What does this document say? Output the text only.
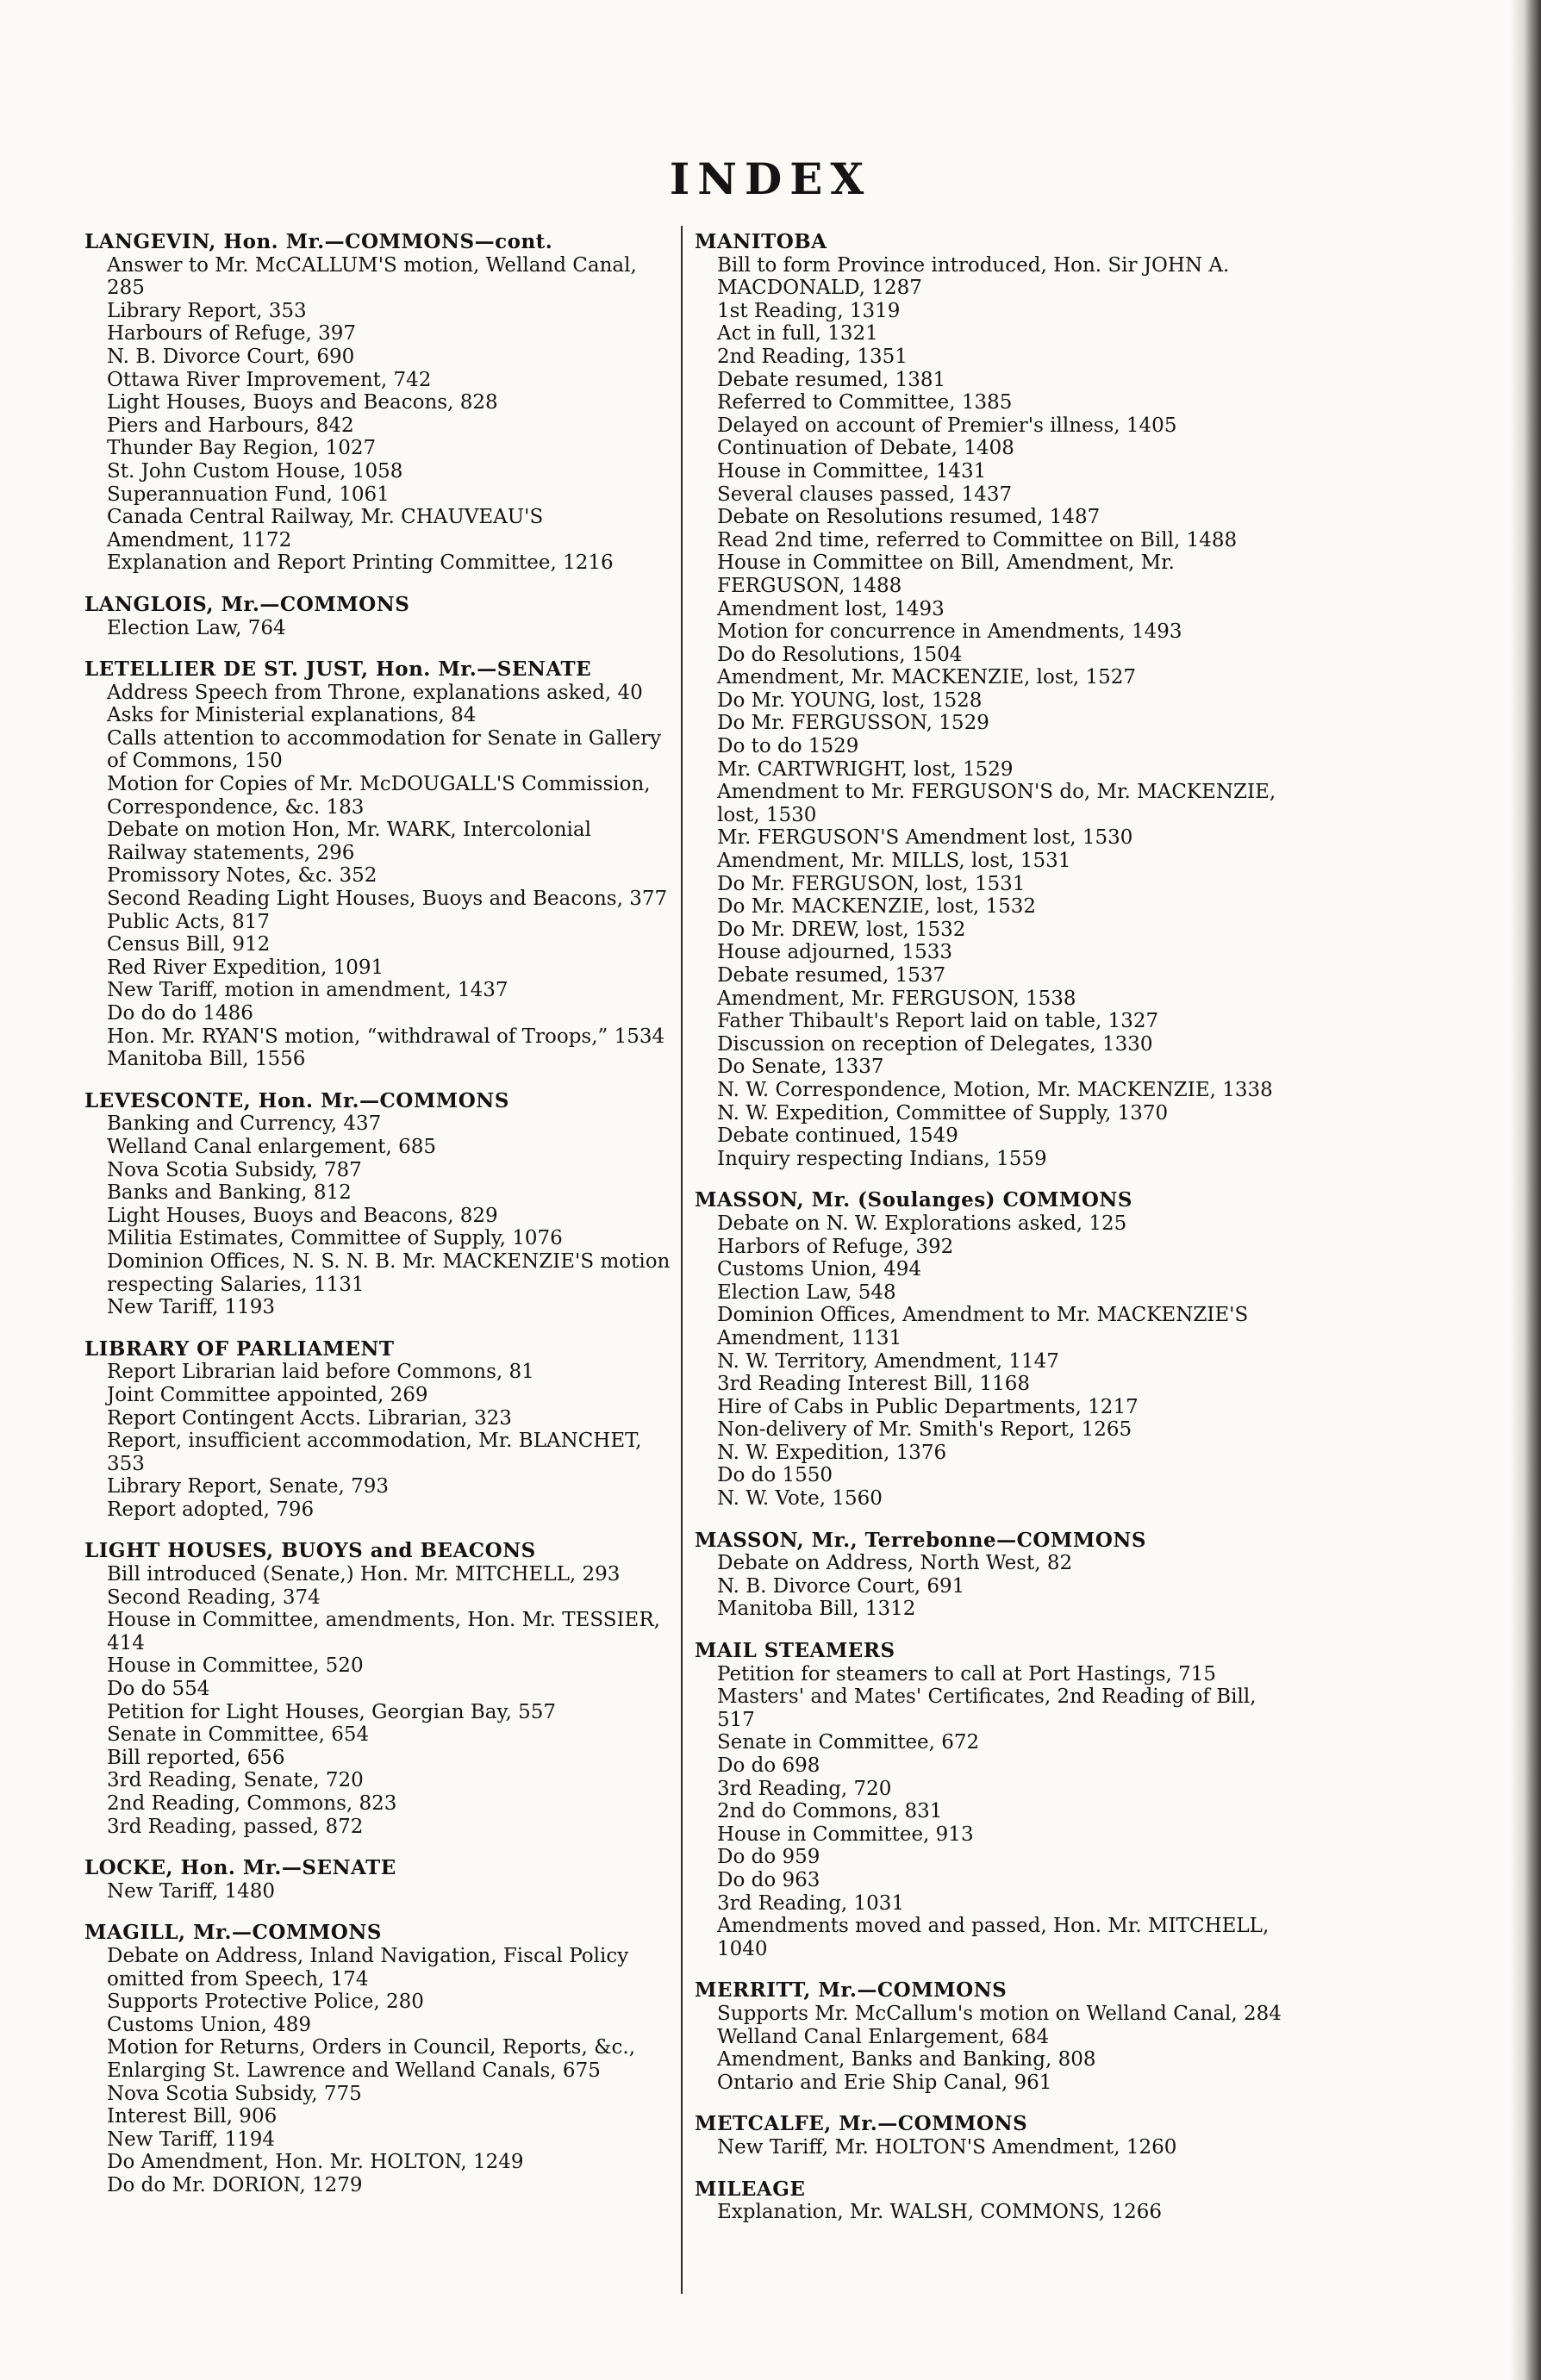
INDEX
LANGEVIN, Hon. Mr.—COMMONS—cont.
Answer to Mr. McCALLUM'S motion, Welland Canal, 285
Library Report, 353
Harbours of Refuge, 397
N. B. Divorce Court, 690
Ottawa River Improvement, 742
Light Houses, Buoys and Beacons, 828
Piers and Harbours, 842
Thunder Bay Region, 1027
St. John Custom House, 1058
Superannuation Fund, 1061
Canada Central Railway, Mr. CHAUVEAU'S Amendment, 1172
Explanation and Report Printing Committee, 1216
LANGLOIS, Mr.—COMMONS
Election Law, 764
LETELLIER DE ST. JUST, Hon. Mr.—SENATE
Address Speech from Throne, explanations asked, 40
Asks for Ministerial explanations, 84
Calls attention to accommodation for Senate in Gallery of Commons, 150
Motion for Copies of Mr. McDOUGALL'S Commission, Correspondence, &c. 183
Debate on motion Hon, Mr. WARK, Intercolonial Railway statements, 296
Promissory Notes, &c. 352
Second Reading Light Houses, Buoys and Beacons, 377
Public Acts, 817
Census Bill, 912
Red River Expedition, 1091
New Tariff, motion in amendment, 1437
Do do do 1486
Hon. Mr. RYAN'S motion, “withdrawal of Troops,” 1534
Manitoba Bill, 1556
LEVESCONTE, Hon. Mr.—COMMONS
Banking and Currency, 437
Welland Canal enlargement, 685
Nova Scotia Subsidy, 787
Banks and Banking, 812
Light Houses, Buoys and Beacons, 829
Militia Estimates, Committee of Supply, 1076
Dominion Offices, N. S. N. B. Mr. MACKENZIE'S motion respecting Salaries, 1131
New Tariff, 1193
LIBRARY OF PARLIAMENT
Report Librarian laid before Commons, 81
Joint Committee appointed, 269
Report Contingent Accts. Librarian, 323
Report, insufficient accommodation, Mr. BLANCHET, 353
Library Report, Senate, 793
Report adopted, 796
LIGHT HOUSES, BUOYS and BEACONS
Bill introduced (Senate,) Hon. Mr. MITCHELL, 293
Second Reading, 374
House in Committee, amendments, Hon. Mr. TESSIER, 414
House in Committee, 520
Do do 554
Petition for Light Houses, Georgian Bay, 557
Senate in Committee, 654
Bill reported, 656
3rd Reading, Senate, 720
2nd Reading, Commons, 823
3rd Reading, passed, 872
LOCKE, Hon. Mr.—SENATE
New Tariff, 1480
MAGILL, Mr.—COMMONS
Debate on Address, Inland Navigation, Fiscal Policy omitted from Speech, 174
Supports Protective Police, 280
Customs Union, 489
Motion for Returns, Orders in Council, Reports, &c., Enlarging St. Lawrence and Welland Canals, 675
Nova Scotia Subsidy, 775
Interest Bill, 906
New Tariff, 1194
Do Amendment, Hon. Mr. HOLTON, 1249
Do do Mr. DORION, 1279
MANITOBA
Bill to form Province introduced, Hon. Sir JOHN A. MACDONALD, 1287
1st Reading, 1319
Act in full, 1321
2nd Reading, 1351
Debate resumed, 1381
Referred to Committee, 1385
Delayed on account of Premier's illness, 1405
Continuation of Debate, 1408
House in Committee, 1431
Several clauses passed, 1437
Debate on Resolutions resumed, 1487
Read 2nd time, referred to Committee on Bill, 1488
House in Committee on Bill, Amendment, Mr. FERGUSON, 1488
Amendment lost, 1493
Motion for concurrence in Amendments, 1493
Do do Resolutions, 1504
Amendment, Mr. MACKENZIE, lost, 1527
Do Mr. YOUNG, lost, 1528
Do Mr. FERGUSSON, 1529
Do to do 1529
Mr. CARTWRIGHT, lost, 1529
Amendment to Mr. FERGUSON'S do, Mr. MACKENZIE, lost, 1530
Mr. FERGUSON'S Amendment lost, 1530
Amendment, Mr. MILLS, lost, 1531
Do Mr. FERGUSON, lost, 1531
Do Mr. MACKENZIE, lost, 1532
Do Mr. DREW, lost, 1532
House adjourned, 1533
Debate resumed, 1537
Amendment, Mr. FERGUSON, 1538
Father Thibault's Report laid on table, 1327
Discussion on reception of Delegates, 1330
Do Senate, 1337
N. W. Correspondence, Motion, Mr. MACKENZIE, 1338
N. W. Expedition, Committee of Supply, 1370
Debate continued, 1549
Inquiry respecting Indians, 1559
MASSON, Mr. (Soulanges) COMMONS
Debate on N. W. Explorations asked, 125
Harbors of Refuge, 392
Customs Union, 494
Election Law, 548
Dominion Offices, Amendment to Mr. MACKENZIE'S Amendment, 1131
N. W. Territory, Amendment, 1147
3rd Reading Interest Bill, 1168
Hire of Cabs in Public Departments, 1217
Non-delivery of Mr. Smith's Report, 1265
N. W. Expedition, 1376
Do do 1550
N. W. Vote, 1560
MASSON, Mr., Terrebonne—COMMONS
Debate on Address, North West, 82
N. B. Divorce Court, 691
Manitoba Bill, 1312
MAIL STEAMERS
Petition for steamers to call at Port Hastings, 715
Masters' and Mates' Certificates, 2nd Reading of Bill, 517
Senate in Committee, 672
Do do 698
3rd Reading, 720
2nd do Commons, 831
House in Committee, 913
Do do 959
Do do 963
3rd Reading, 1031
Amendments moved and passed, Hon. Mr. MITCHELL, 1040
MERRITT, Mr.—COMMONS
Supports Mr. McCallum's motion on Welland Canal, 284
Welland Canal Enlargement, 684
Amendment, Banks and Banking, 808
Ontario and Erie Ship Canal, 961
METCALFE, Mr.—COMMONS
New Tariff, Mr. HOLTON'S Amendment, 1260
MILEAGE
Explanation, Mr. WALSH, COMMONS, 1266
